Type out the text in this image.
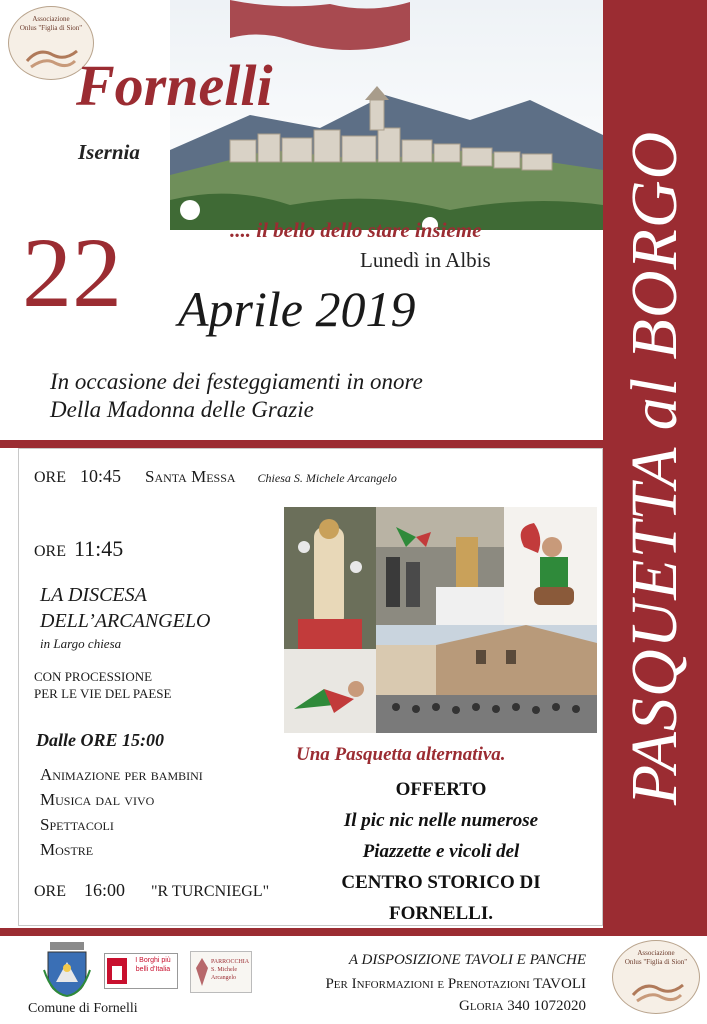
PASQUETTA al BORGO
Associazione
Onlus "Figlia di Sion"
Fornelli
Isernia
.... il bello dello stare insieme
22	Lunedì in Albis
Aprile 2019
In occasione dei festeggiamenti in onore
Della Madonna delle Grazie
ORE 10:45 Santa Messa Chiesa S. Michele Arcangelo
ORE 11:45
LA DISCESA
DELL’ARCANGELO
in Largo chiesa
CON PROCESSIONE
PER LE VIE DEL PAESE
Dalle ORE 15:00
Animazione per bambini
Musica dal vivo
Spettacoli
Mostre
ORE 16:00 "R TURCNIEGL"
Una Pasquetta alternativa.
OFFERTO
Il pic nic nelle numerose
Piazzette e vicoli del
CENTRO STORICO DI
FORNELLI.
I Borghi più belli d'Italia
PARROCCHIA S. Michele Arcangelo
Comune di Fornelli
A DISPOSIZIONE TAVOLI E PANCHE
Per Informazioni e Prenotazioni TAVOLI
Gloria 340 1072020
Associazione
Onlus "Figlia di Sion"
